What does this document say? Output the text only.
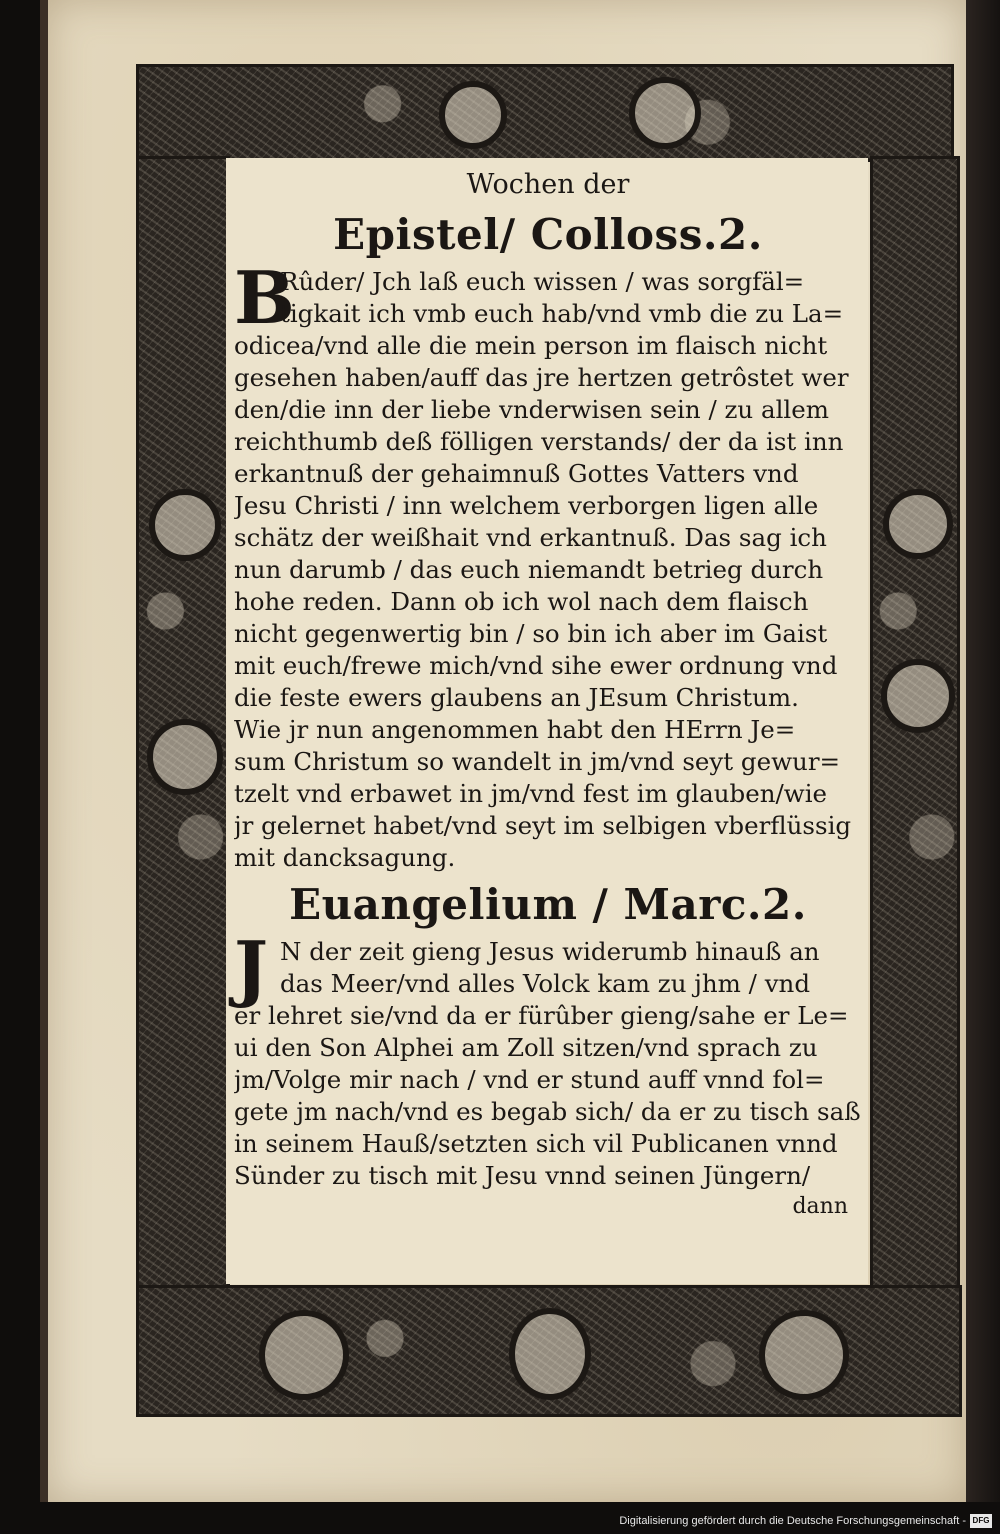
Wochen der
Epistel/ Colloss.2.
B
Rûder/ Jch laß euch wissen / was sorgfäl=
tigkait ich vmb euch hab/vnd vmb die zu La=
odicea/vnd alle die mein person im flaisch nicht
gesehen haben/auff das jre hertzen getrôstet wer
den/die inn der liebe vnderwisen sein / zu allem
reichthumb deß fölligen verstands/ der da ist inn
erkantnuß der gehaimnuß Gottes Vatters vnd
Jesu Christi / inn welchem verborgen ligen alle
schätz der weißhait vnd erkantnuß. Das sag ich
nun darumb / das euch niemandt betrieg durch
hohe reden. Dann ob ich wol nach dem flaisch
nicht gegenwertig bin / so bin ich aber im Gaist
mit euch/frewe mich/vnd sihe ewer ordnung vnd
die feste ewers glaubens an JEsum Christum.
Wie jr nun angenommen habt den HErrn Je=
sum Christum so wandelt in jm/vnd seyt gewur=
tzelt vnd erbawet in jm/vnd fest im glauben/wie
jr gelernet habet/vnd seyt im selbigen vberflüssig
mit dancksagung.
Euangelium / Marc.2.
J N der zeit gieng Jesus widerumb hinauß an
das Meer/vnd alles Volck kam zu jhm / vnd
er lehret sie/vnd da er fürûber gieng/sahe er Le=
ui den Son Alphei am Zoll sitzen/vnd sprach zu
jm/Volge mir nach / vnd er stund auff vnnd fol=
gete jm nach/vnd es begab sich/ da er zu tisch saß
in seinem Hauß/setzten sich vil Publicanen vnnd
Sünder zu tisch mit Jesu vnnd seinen Jüngern/
dann
Digitalisierung gefördert durch die Deutsche Forschungsgemeinschaft - DFG
